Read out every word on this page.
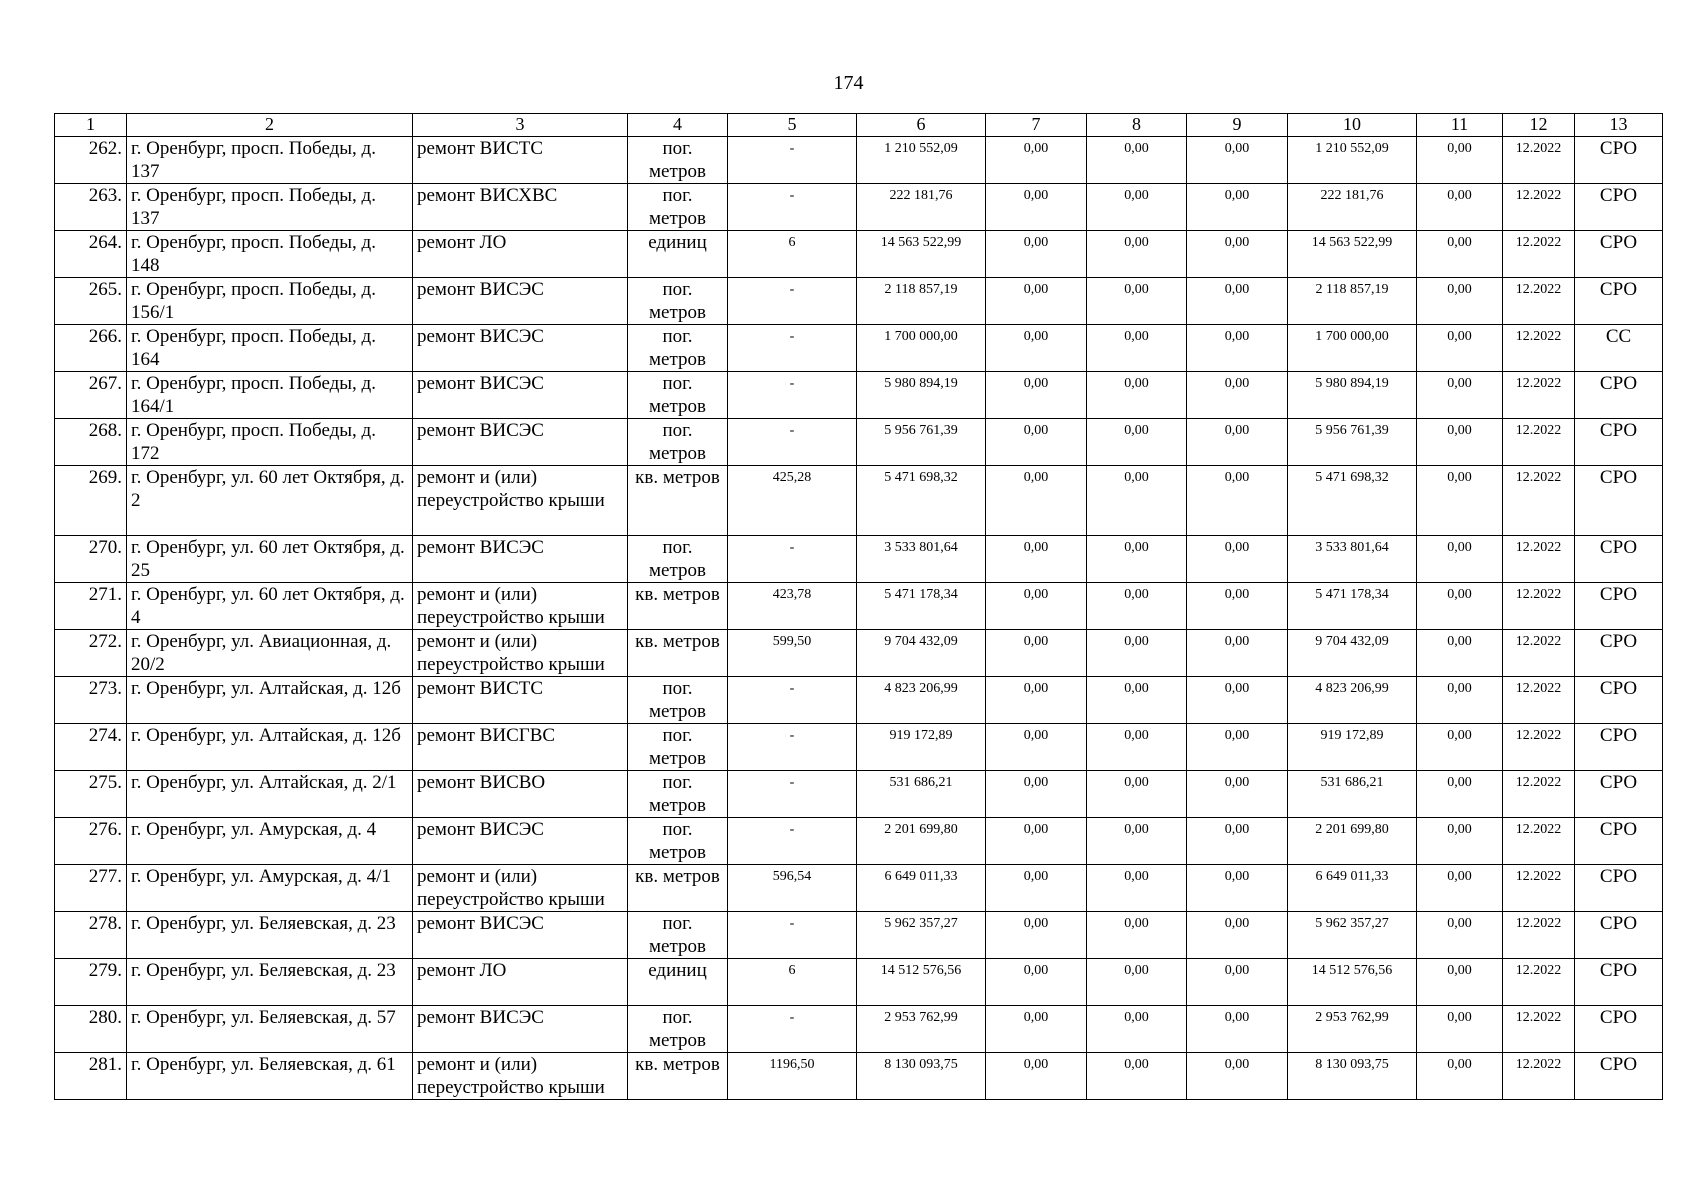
174
1	2	3	4	5	6	7	8	9	10	11	12	13
262.	г. Оренбург, просп. Победы, д. 137	ремонт ВИСТС	пог. метров	-	1 210 552,09	0,00	0,00	0,00	1 210 552,09	0,00	12.2022	СРО
263.	г. Оренбург, просп. Победы, д. 137	ремонт ВИСХВС	пог. метров	-	222 181,76	0,00	0,00	0,00	222 181,76	0,00	12.2022	СРО
264.	г. Оренбург, просп. Победы, д. 148	ремонт ЛО	единиц	6	14 563 522,99	0,00	0,00	0,00	14 563 522,99	0,00	12.2022	СРО
265.	г. Оренбург, просп. Победы, д. 156/1	ремонт ВИСЭС	пог. метров	-	2 118 857,19	0,00	0,00	0,00	2 118 857,19	0,00	12.2022	СРО
266.	г. Оренбург, просп. Победы, д. 164	ремонт ВИСЭС	пог. метров	-	1 700 000,00	0,00	0,00	0,00	1 700 000,00	0,00	12.2022	СС
267.	г. Оренбург, просп. Победы, д. 164/1	ремонт ВИСЭС	пог. метров	-	5 980 894,19	0,00	0,00	0,00	5 980 894,19	0,00	12.2022	СРО
268.	г. Оренбург, просп. Победы, д. 172	ремонт ВИСЭС	пог. метров	-	5 956 761,39	0,00	0,00	0,00	5 956 761,39	0,00	12.2022	СРО
269.	г. Оренбург, ул. 60 лет Октября, д. 2	ремонт и (или) переустройство крыши	кв. метров	425,28	5 471 698,32	0,00	0,00	0,00	5 471 698,32	0,00	12.2022	СРО
270.	г. Оренбург, ул. 60 лет Октября, д. 25	ремонт ВИСЭС	пог. метров	-	3 533 801,64	0,00	0,00	0,00	3 533 801,64	0,00	12.2022	СРО
271.	г. Оренбург, ул. 60 лет Октября, д. 4	ремонт и (или) переустройство крыши	кв. метров	423,78	5 471 178,34	0,00	0,00	0,00	5 471 178,34	0,00	12.2022	СРО
272.	г. Оренбург, ул. Авиационная, д. 20/2	ремонт и (или) переустройство крыши	кв. метров	599,50	9 704 432,09	0,00	0,00	0,00	9 704 432,09	0,00	12.2022	СРО
273.	г. Оренбург, ул. Алтайская, д. 12б	ремонт ВИСТС	пог. метров	-	4 823 206,99	0,00	0,00	0,00	4 823 206,99	0,00	12.2022	СРО
274.	г. Оренбург, ул. Алтайская, д. 12б	ремонт ВИСГВС	пог. метров	-	919 172,89	0,00	0,00	0,00	919 172,89	0,00	12.2022	СРО
275.	г. Оренбург, ул. Алтайская, д. 2/1	ремонт ВИСВО	пог. метров	-	531 686,21	0,00	0,00	0,00	531 686,21	0,00	12.2022	СРО
276.	г. Оренбург, ул. Амурская, д. 4	ремонт ВИСЭС	пог. метров	-	2 201 699,80	0,00	0,00	0,00	2 201 699,80	0,00	12.2022	СРО
277.	г. Оренбург, ул. Амурская, д. 4/1	ремонт и (или) переустройство крыши	кв. метров	596,54	6 649 011,33	0,00	0,00	0,00	6 649 011,33	0,00	12.2022	СРО
278.	г. Оренбург, ул. Беляевская, д. 23	ремонт ВИСЭС	пог. метров	-	5 962 357,27	0,00	0,00	0,00	5 962 357,27	0,00	12.2022	СРО
279.	г. Оренбург, ул. Беляевская, д. 23	ремонт ЛО	единиц	6	14 512 576,56	0,00	0,00	0,00	14 512 576,56	0,00	12.2022	СРО
280.	г. Оренбург, ул. Беляевская, д. 57	ремонт ВИСЭС	пог. метров	-	2 953 762,99	0,00	0,00	0,00	2 953 762,99	0,00	12.2022	СРО
281.	г. Оренбург, ул. Беляевская, д. 61	ремонт и (или) переустройство крыши	кв. метров	1196,50	8 130 093,75	0,00	0,00	0,00	8 130 093,75	0,00	12.2022	СРО
